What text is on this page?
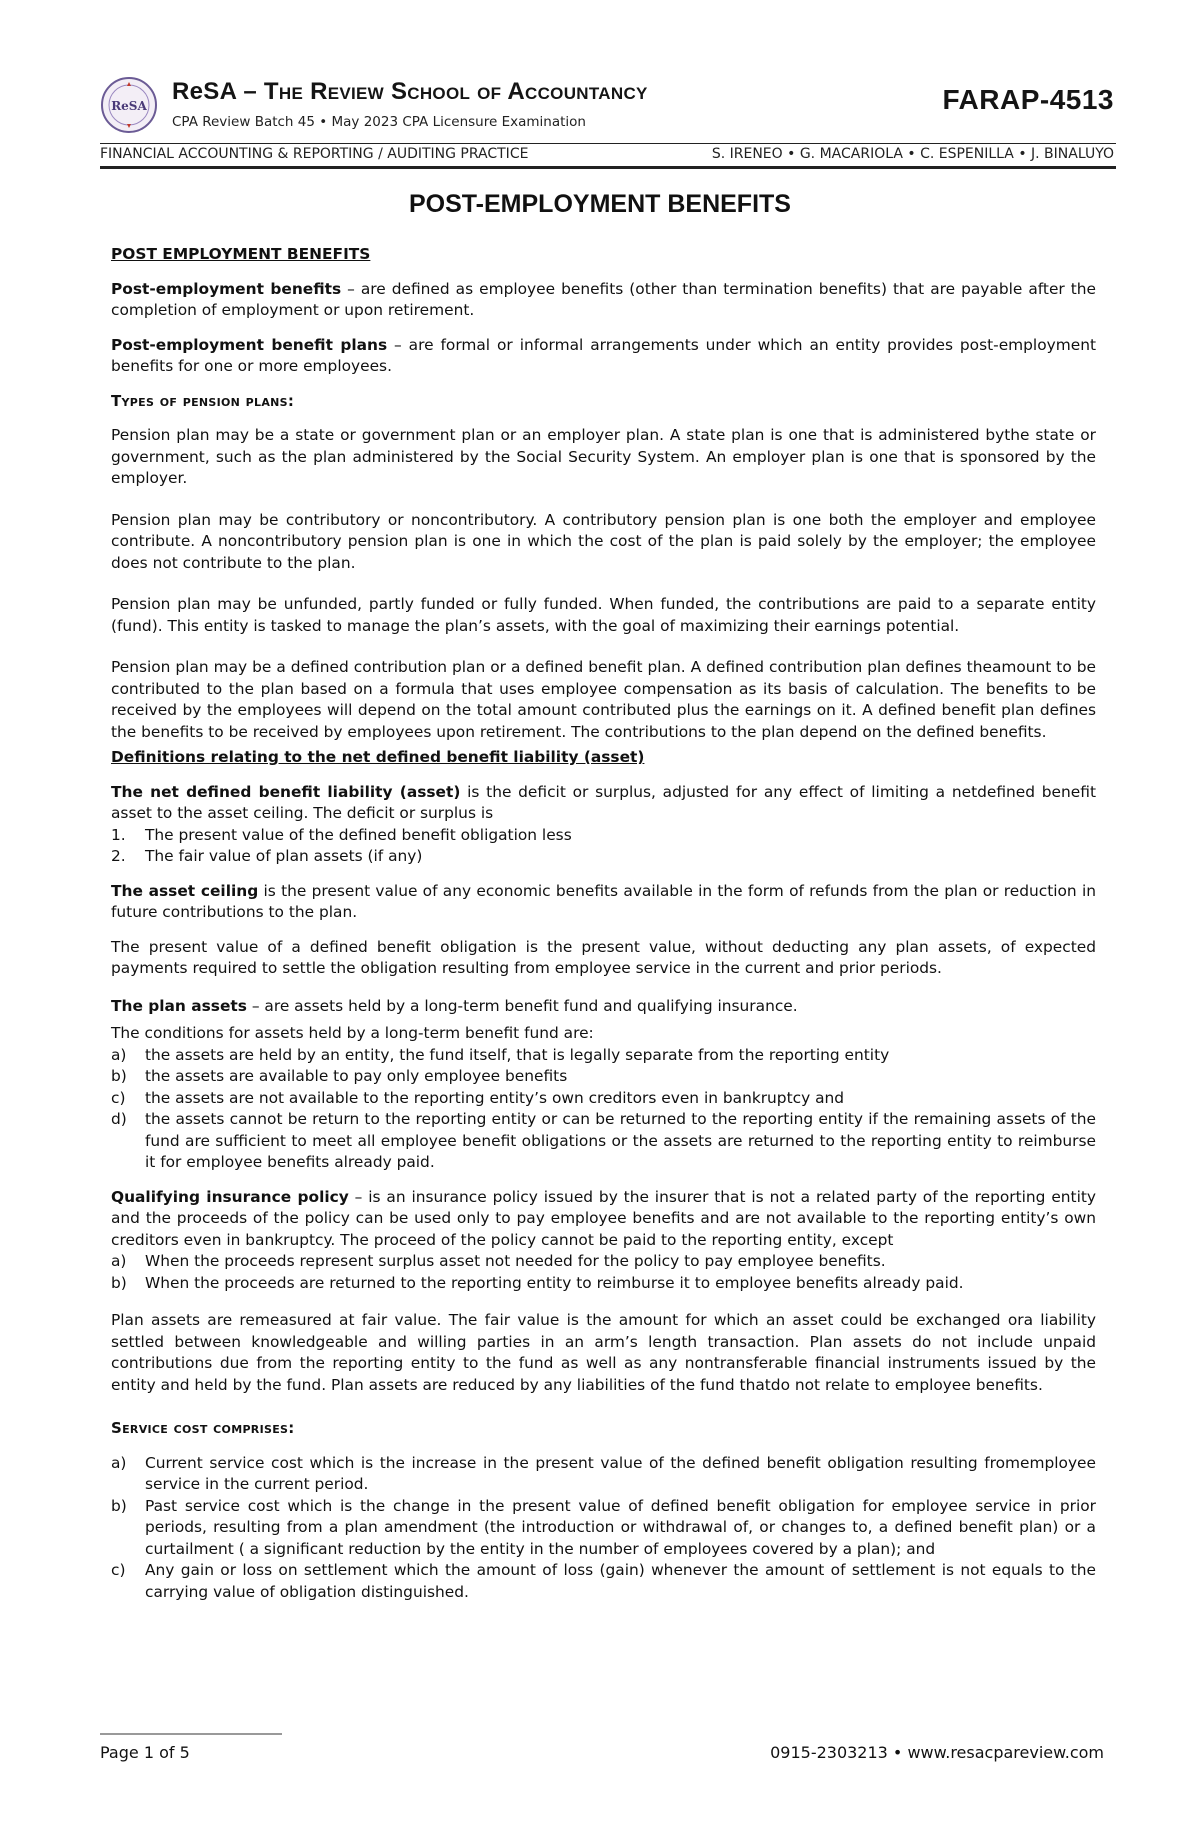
ReSA
ReSA – The Review School of Accountancy
CPA Review Batch 45 • May 2023 CPA Licensure Examination
FARAP-4513
FINANCIAL ACCOUNTING & REPORTING / AUDITING PRACTICE	S. IRENEO • G. MACARIOLA • C. ESPENILLA • J. BINALUYO
POST-EMPLOYMENT BENEFITS

POST EMPLOYMENT BENEFITS

Post-employment benefits – are defined as employee benefits (other than termination benefits) that are payable after the completion of employment or upon retirement.

Post-employment benefit plans – are formal or informal arrangements under which an entity provides post-employment benefits for one or more employees.

Types of pension plans:

Pension plan may be a state or government plan or an employer plan. A state plan is one that is administered bythe state or government, such as the plan administered by the Social Security System. An employer plan is one that is sponsored by the employer.

Pension plan may be contributory or noncontributory. A contributory pension plan is one both the employer and employee contribute. A noncontributory pension plan is one in which the cost of the plan is paid solely by the employer; the employee does not contribute to the plan.

Pension plan may be unfunded, partly funded or fully funded. When funded, the contributions are paid to a separate entity (fund). This entity is tasked to manage the plan’s assets, with the goal of maximizing their earnings potential.

Pension plan may be a defined contribution plan or a defined benefit plan. A defined contribution plan defines theamount to be contributed to the plan based on a formula that uses employee compensation as its basis of calculation. The benefits to be received by the employees will depend on the total amount contributed plus the earnings on it. A defined benefit plan defines the benefits to be received by employees upon retirement. The contributions to the plan depend on the defined benefits.

Definitions relating to the net defined benefit liability (asset)

The net defined benefit liability (asset) is the deficit or surplus, adjusted for any effect of limiting a netdefined benefit asset to the asset ceiling. The deficit or surplus is

1.	The present value of the defined benefit obligation less
2.	The fair value of plan assets (if any)

The asset ceiling is the present value of any economic benefits available in the form of refunds from the plan or reduction in future contributions to the plan.

The present value of a defined benefit obligation is the present value, without deducting any plan assets, of expected payments required to settle the obligation resulting from employee service in the current and prior periods.

The plan assets – are assets held by a long-term benefit fund and qualifying insurance.

The conditions for assets held by a long-term benefit fund are:

a)	the assets are held by an entity, the fund itself, that is legally separate from the reporting entity
b)	the assets are available to pay only employee benefits
c)	the assets are not available to the reporting entity’s own creditors even in bankruptcy and
d)	the assets cannot be return to the reporting entity or can be returned to the reporting entity if the remaining assets of the fund are sufficient to meet all employee benefit obligations or the assets are returned to the reporting entity to reimburse it for employee benefits already paid.

Qualifying insurance policy – is an insurance policy issued by the insurer that is not a related party of the reporting entity and the proceeds of the policy can be used only to pay employee benefits and are not available to the reporting entity’s own creditors even in bankruptcy. The proceed of the policy cannot be paid to the reporting entity, except

a)	When the proceeds represent surplus asset not needed for the policy to pay employee benefits.
b)	When the proceeds are returned to the reporting entity to reimburse it to employee benefits already paid.

Plan assets are remeasured at fair value. The fair value is the amount for which an asset could be exchanged ora liability settled between knowledgeable and willing parties in an arm’s length transaction. Plan assets do not include unpaid contributions due from the reporting entity to the fund as well as any nontransferable financial instruments issued by the entity and held by the fund. Plan assets are reduced by any liabilities of the fund thatdo not relate to employee benefits.

Service cost comprises:

a)	Current service cost which is the increase in the present value of the defined benefit obligation resulting fromemployee service in the current period.
b)	Past service cost which is the change in the present value of defined benefit obligation for employee service in prior periods, resulting from a plan amendment (the introduction or withdrawal of, or changes to, a defined benefit plan) or a curtailment ( a significant reduction by the entity in the number of employees covered by a plan); and
c)	Any gain or loss on settlement which the amount of loss (gain) whenever the amount of settlement is not equals to the carrying value of obligation distinguished.
Page 1 of 5	0915-2303213 • www.resacpareview.com
